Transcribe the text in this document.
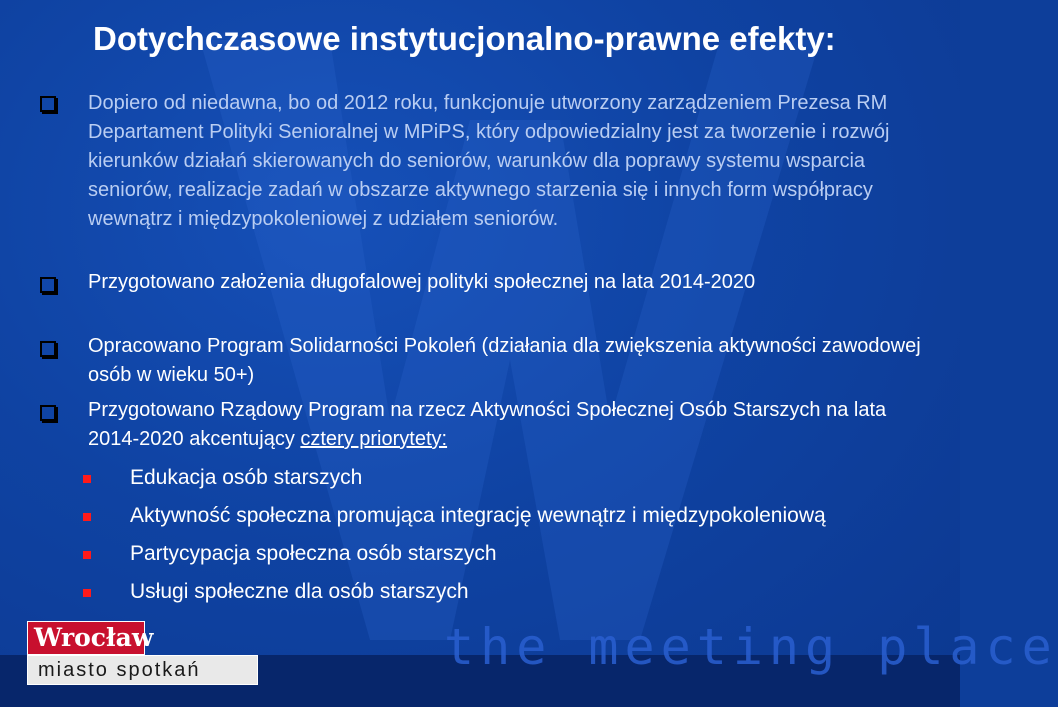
Dotychczasowe instytucjonalno-prawne efekty:

Dopiero od niedawna, bo od 2012 roku, funkcjonuje utworzony zarządzeniem Prezesa RM Departament Polityki Senioralnej w MPiPS, który odpowiedzialny jest za tworzenie i rozwój kierunków działań skierowanych do seniorów, warunków dla poprawy systemu wsparcia seniorów, realizacje zadań w obszarze aktywnego starzenia się i innych form współpracy wewnątrz i międzypokoleniowej z udziałem seniorów.

Przygotowano założenia długofalowej polityki społecznej na lata 2014-2020

Opracowano Program Solidarności Pokoleń (działania dla zwiększenia aktywności zawodowej osób w wieku 50+)

Przygotowano Rządowy Program na rzecz Aktywności Społecznej Osób Starszych na lata 2014-2020 akcentujący cztery priorytety:

Edukacja osób starszych
Aktywność społeczna promująca integrację wewnątrz i międzypokoleniową
Partycypacja społeczna osób starszych
Usługi społeczne dla osób starszych
the meeting place
Wrocław
miasto spotkań
